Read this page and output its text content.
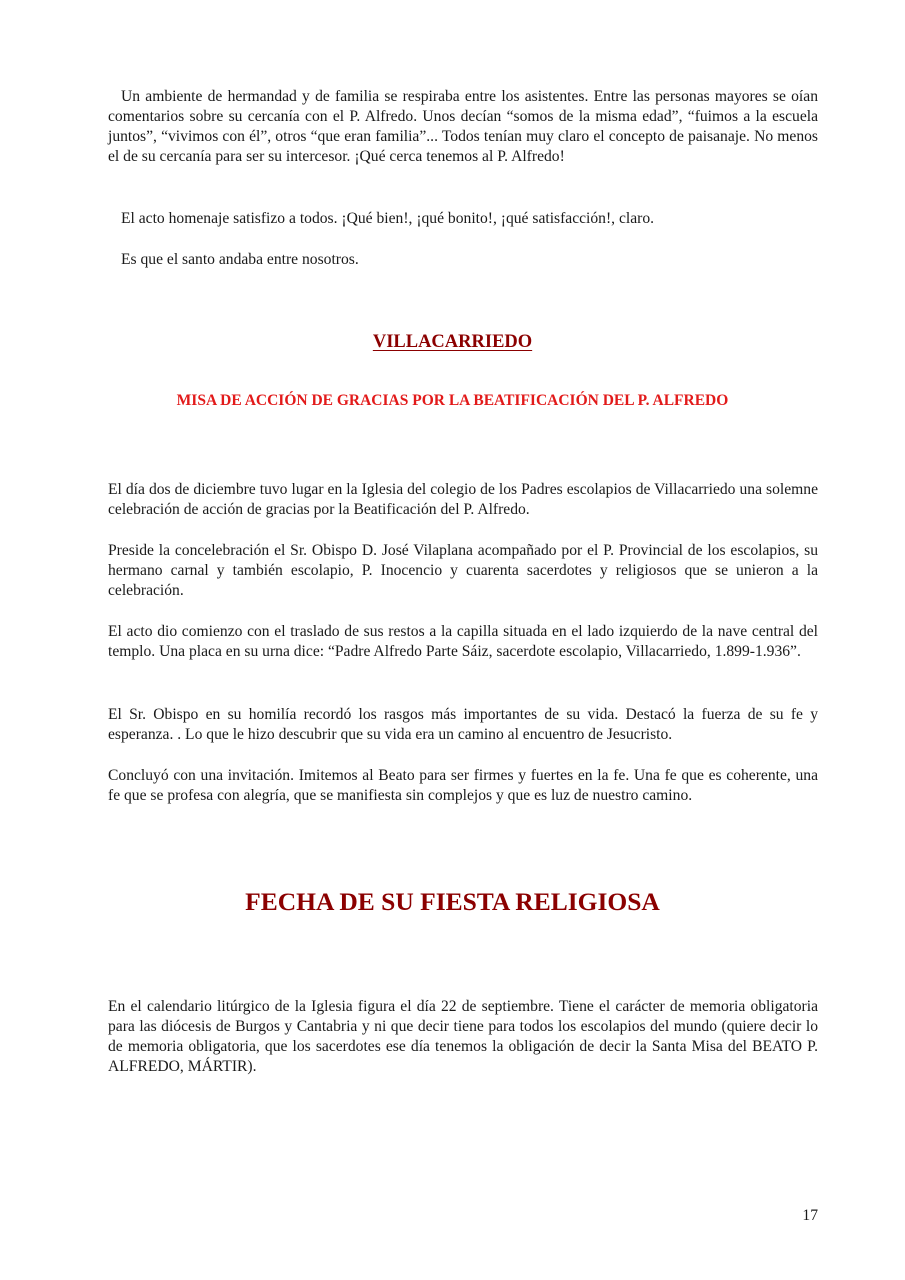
Un ambiente de hermandad y de familia se respiraba entre los asistentes. Entre las personas mayores se oían comentarios sobre su cercanía con el P. Alfredo. Unos decían “somos de la misma edad”, “fuimos a la escuela juntos”, “vivimos con él”, otros “que eran familia”... Todos tenían muy claro el concepto de paisanaje. No menos el de su cercanía para ser su intercesor. ¡Qué cerca tenemos al P. Alfredo!

El acto homenaje satisfizo a todos. ¡Qué bien!, ¡qué bonito!, ¡qué satisfacción!, claro.

Es que el santo andaba entre nosotros.

VILLACARRIEDO
MISA DE ACCIÓN DE GRACIAS POR LA BEATIFICACIÓN DEL P. ALFREDO

El día dos de diciembre tuvo lugar en la Iglesia del colegio de los Padres escolapios de Villacarriedo una solemne celebración de acción de gracias por la Beatificación del P. Alfredo.

Preside la concelebración el Sr. Obispo D. José Vilaplana acompañado por el P. Provincial de los escolapios, su hermano carnal y también escolapio, P. Inocencio y cuarenta sacerdotes y religiosos que se unieron a la celebración.

El acto dio comienzo con el traslado de sus restos a la capilla situada en el lado izquierdo de la nave central del templo. Una placa en su urna dice: “Padre Alfredo Parte Sáiz, sacerdote escolapio, Villacarriedo, 1.899-1.936”.

El Sr. Obispo en su homilía recordó los rasgos más importantes de su vida. Destacó la fuerza de su fe y esperanza. . Lo que le hizo descubrir que su vida era un camino al encuentro de Jesucristo.

Concluyó con una invitación. Imitemos al Beato para ser firmes y fuertes en la fe. Una fe que es coherente, una fe que se profesa con alegría, que se manifiesta sin complejos y que es luz de nuestro camino.

FECHA DE SU FIESTA RELIGIOSA

En el calendario litúrgico de la Iglesia figura el día 22 de septiembre. Tiene el carácter de memoria obligatoria para las diócesis de Burgos y Cantabria y ni que decir tiene para todos los escolapios del mundo (quiere decir lo de memoria obligatoria, que los sacerdotes ese día tenemos la obligación de decir la Santa Misa del BEATO P. ALFREDO, MÁRTIR).

17
